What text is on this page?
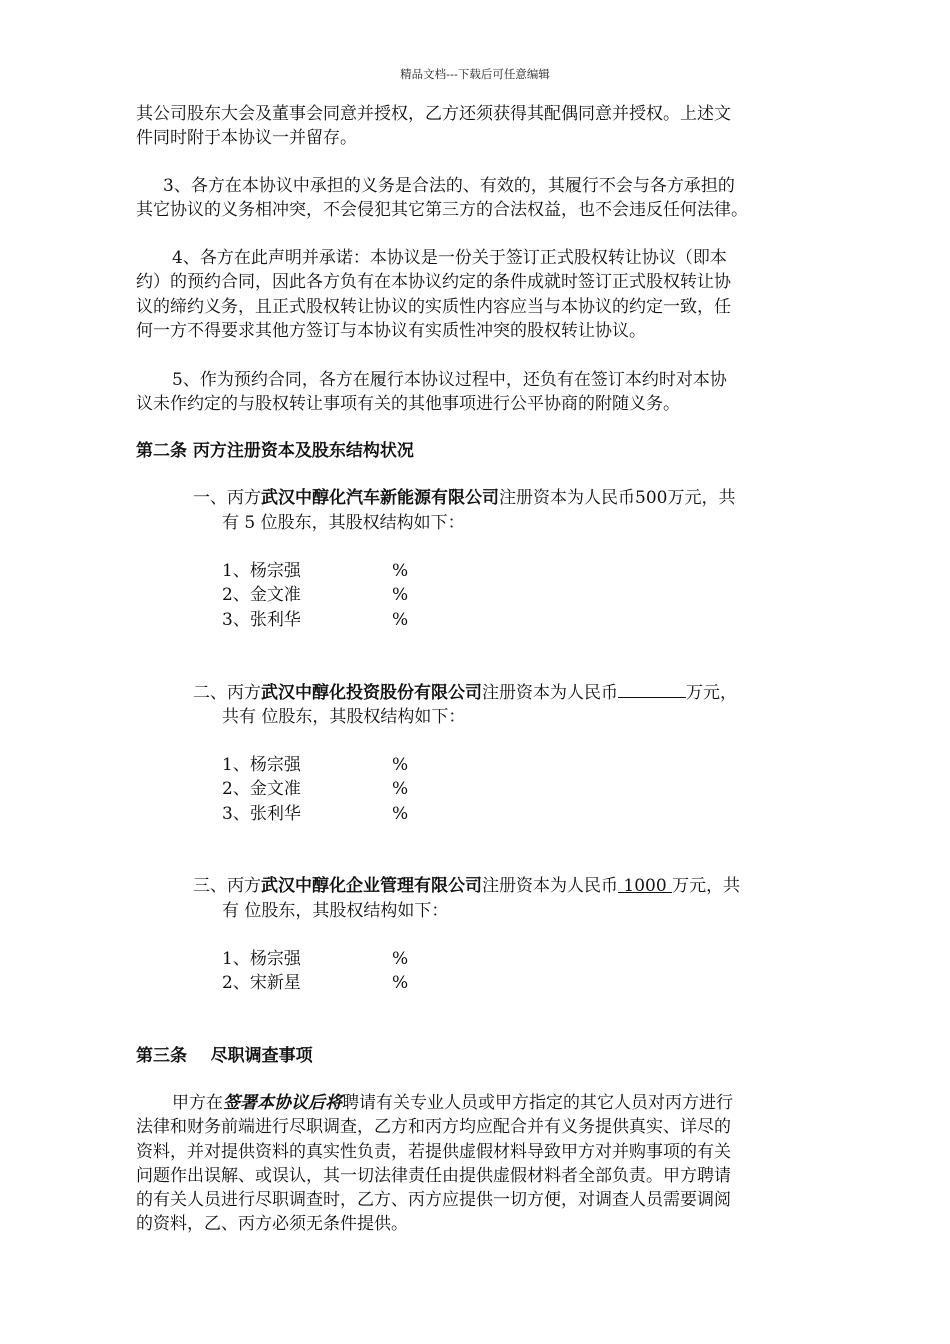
精品文档---下载后可任意编辑
其公司股东大会及董事会同意并授权，乙方还须获得其配偶同意并授权。上述文
件同时附于本协议一并留存。
3、各方在本协议中承担的义务是合法的、有效的，其履行不会与各方承担的
其它协议的义务相冲突，不会侵犯其它第三方的合法权益，也不会违反任何法律。
4、各方在此声明并承诺：本协议是一份关于签订正式股权转让协议（即本
约）的预约合同，因此各方负有在本协议约定的条件成就时签订正式股权转让协
议的缔约义务，且正式股权转让协议的实质性内容应当与本协议的约定一致，任
何一方不得要求其他方签订与本协议有实质性冲突的股权转让协议。
5、作为预约合同，各方在履行本协议过程中，还负有在签订本约时对本协
议未作约定的与股权转让事项有关的其他事项进行公平协商的附随义务。
第二条 丙方注册资本及股东结构状况
一、丙方武汉中醇化汽车新能源有限公司注册资本为人民币500万元，共
有 5 位股东，其股权结构如下：
1、杨宗强	%
2、金文准	%
3、张利华	%
二、丙方武汉中醇化投资股份有限公司注册资本为人民币	万元，
共有 位股东，其股权结构如下：
1、杨宗强	%
2、金文准	%
3、张利华	%
三、丙方武汉中醇化企业管理有限公司注册资本为人民币 1000 万元，共
有 位股东，其股权结构如下：
1、杨宗强	%
2、宋新星	%
第三条    尽职调查事项
甲方在签署本协议后将聘请有关专业人员或甲方指定的其它人员对丙方进行
法律和财务前端进行尽职调查，乙方和丙方均应配合并有义务提供真实、详尽的
资料，并对提供资料的真实性负责，若提供虚假材料导致甲方对并购事项的有关
问题作出误解、或误认，其一切法律责任由提供虚假材料者全部负责。甲方聘请
的有关人员进行尽职调查时，乙方、丙方应提供一切方便，对调查人员需要调阅
的资料，乙、丙方必须无条件提供。
